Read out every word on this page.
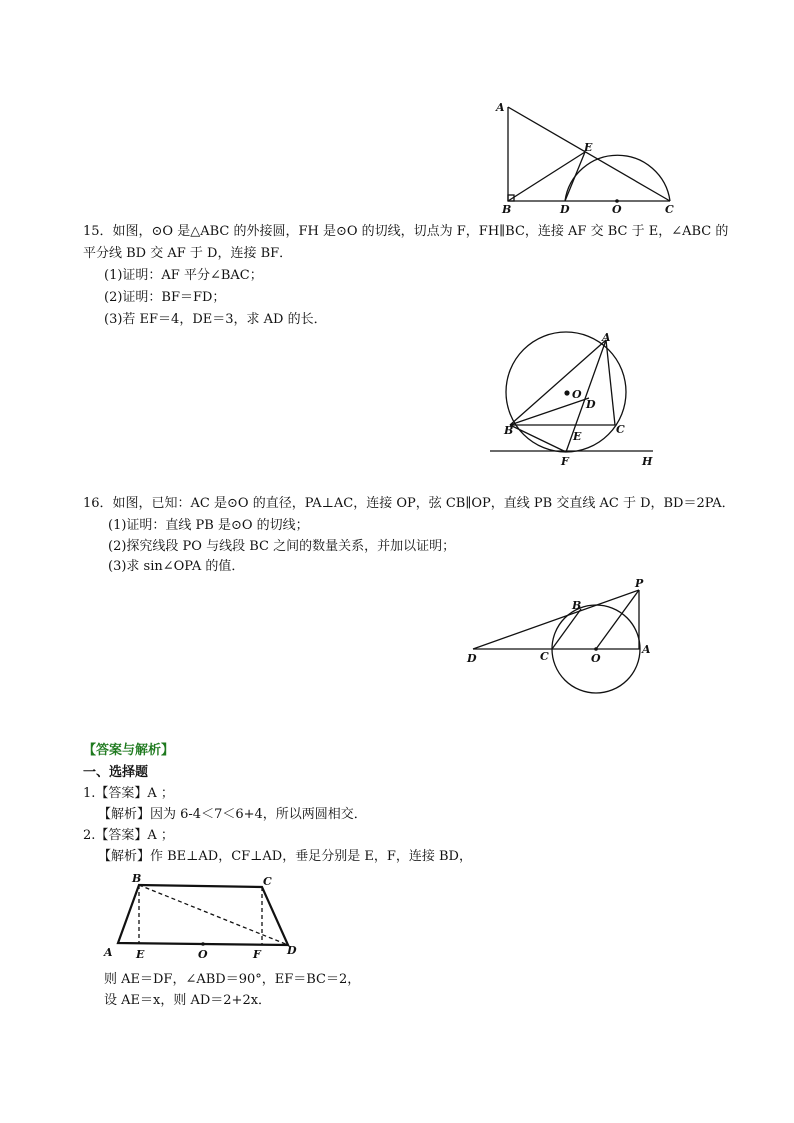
A
B	D	O	C
E
15．如图，⊙O 是△ABC 的外接圆，FH 是⊙O 的切线，切点为 F，FH∥BC，连接 AF 交 BC 于 E，∠ABC 的
平分线 BD 交 AF 于 D，连接 BF．
(1)证明：AF 平分∠BAC；
(2)证明：BF＝FD；
(3)若 EF＝4，DE＝3，求 AD 的长．
A
O
D
B	C
E
F	H
16．如图，已知：AC 是⊙O 的直径，PA⊥AC，连接 OP，弦 CB∥OP，直线 PB 交直线 AC 于 D，BD＝2PA．
(1)证明：直线 PB 是⊙O 的切线；
(2)探究线段 PO 与线段 BC 之间的数量关系，并加以证明；
(3)求 sin∠OPA 的值．
P
B
D	C	O
A
【答案与解析】
一、选择题
1.【答案】A ；
【解析】因为 6-4＜7＜6+4，所以两圆相交．
2.【答案】A ；
【解析】作 BE⊥AD，CF⊥AD，垂足分别是 E，F，连接 BD，
B	C
A E	O	F D
则 AE＝DF，∠ABD＝90°，EF＝BC＝2，
设 AE＝x，则 AD＝2+2x．
